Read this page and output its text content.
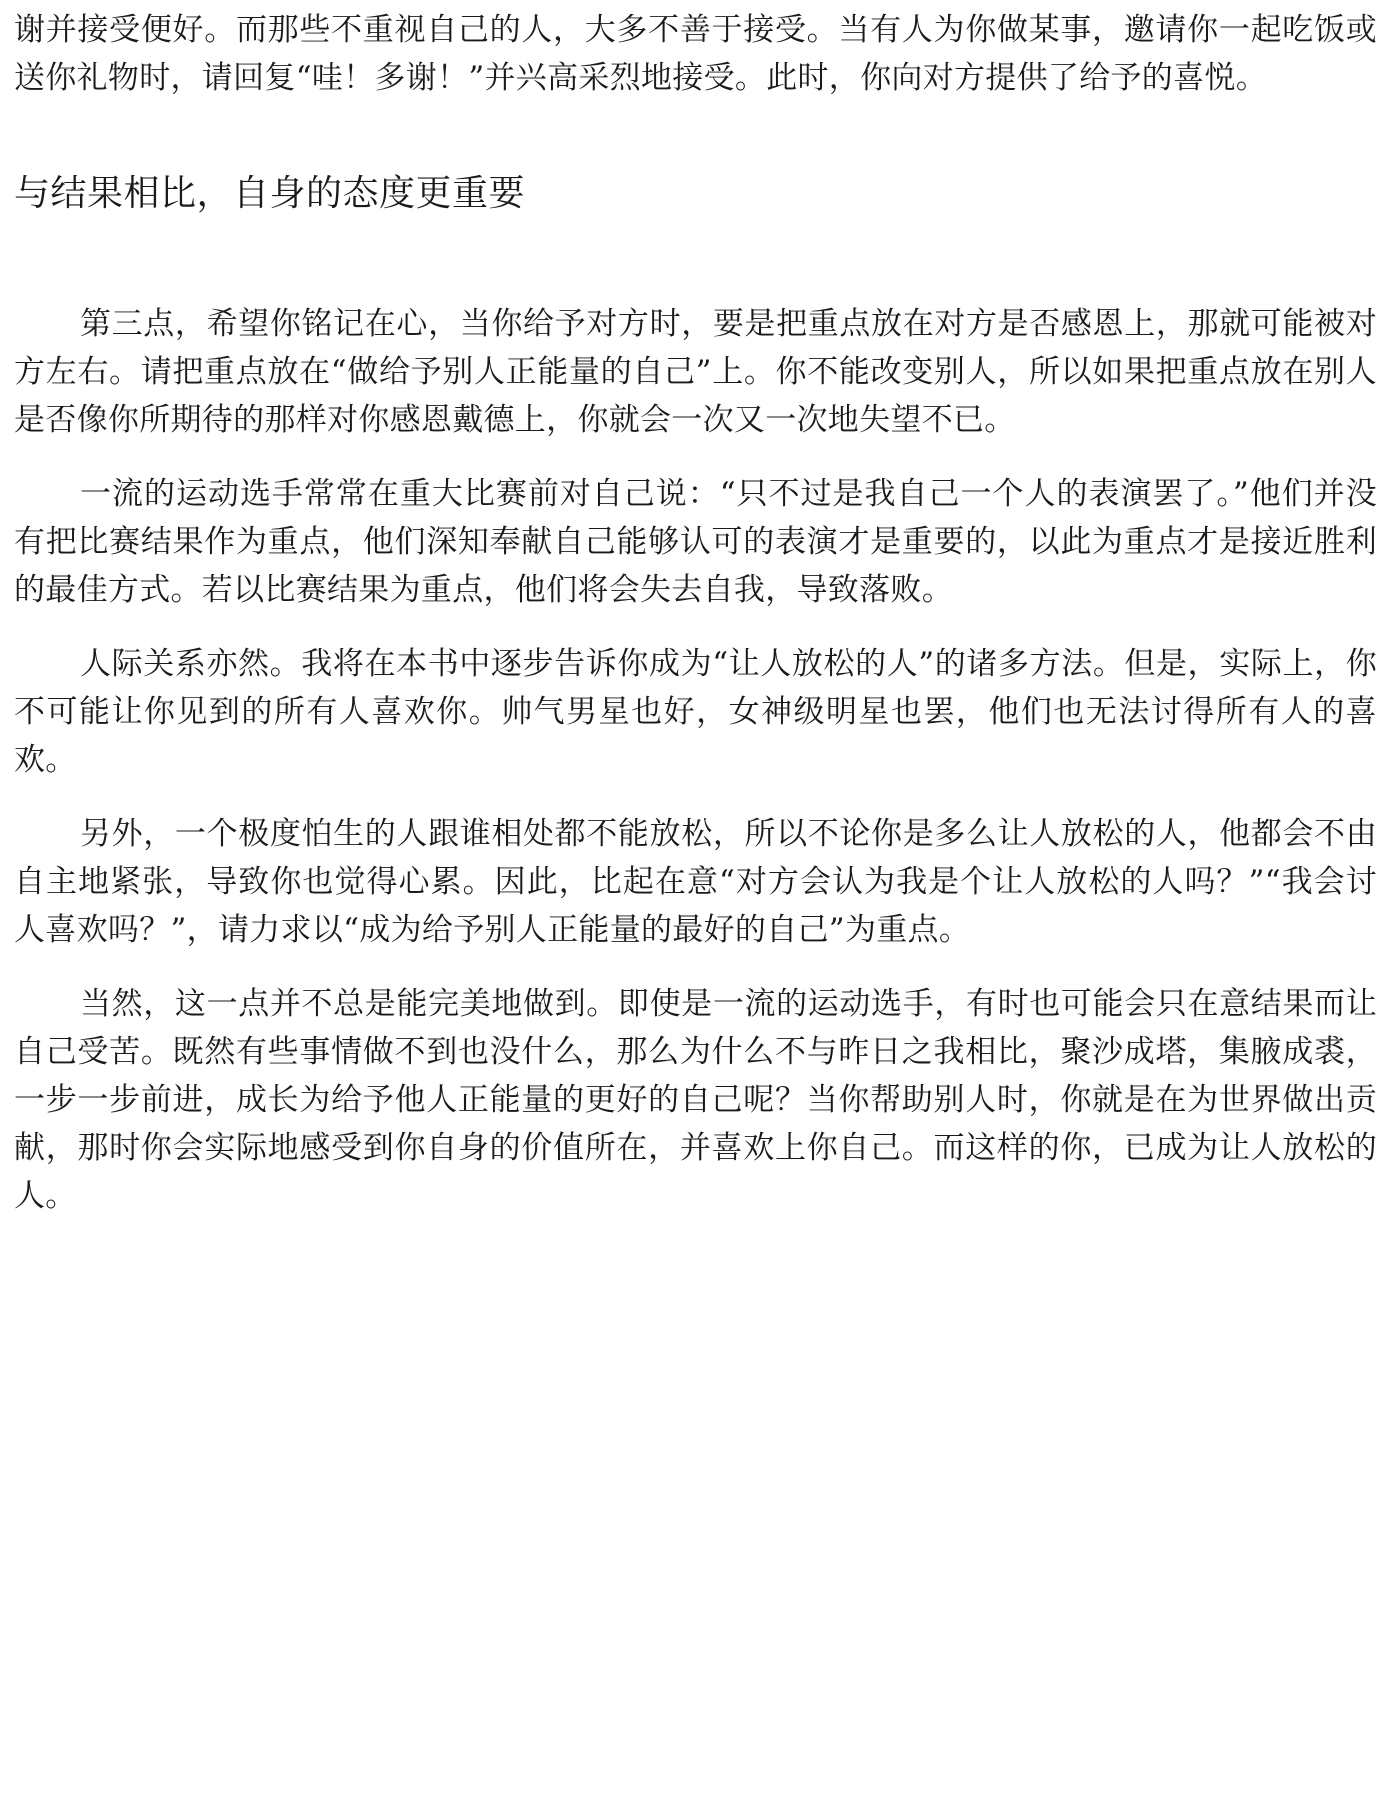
谢并接受便好。而那些不重视自己的人，大多不善于接受。当有人为你做某事，邀请你一起吃饭或送你礼物时，请回复“哇！多谢！”并兴高采烈地接受。此时，你向对方提供了给予的喜悦。

与结果相比，自身的态度更重要

第三点，希望你铭记在心，当你给予对方时，要是把重点放在对方是否感恩上，那就可能被对方左右。请把重点放在“做给予别人正能量的自己”上。你不能改变别人，所以如果把重点放在别人是否像你所期待的那样对你感恩戴德上，你就会一次又一次地失望不已。

一流的运动选手常常在重大比赛前对自己说：“只不过是我自己一个人的表演罢了。”他们并没有把比赛结果作为重点，他们深知奉献自己能够认可的表演才是重要的，以此为重点才是接近胜利的最佳方式。若以比赛结果为重点，他们将会失去自我，导致落败。

人际关系亦然。我将在本书中逐步告诉你成为“让人放松的人”的诸多方法。但是，实际上，你不可能让你见到的所有人喜欢你。帅气男星也好，女神级明星也罢，他们也无法讨得所有人的喜欢。

另外，一个极度怕生的人跟谁相处都不能放松，所以不论你是多么让人放松的人，他都会不由自主地紧张，导致你也觉得心累。因此，比起在意“对方会认为我是个让人放松的人吗？”“我会讨人喜欢吗？”，请力求以“成为给予别人正能量的最好的自己”为重点。

当然，这一点并不总是能完美地做到。即使是一流的运动选手，有时也可能会只在意结果而让自己受苦。既然有些事情做不到也没什么，那么为什么不与昨日之我相比，聚沙成塔，集腋成裘，一步一步前进，成长为给予他人正能量的更好的自己呢？当你帮助别人时，你就是在为世界做出贡献，那时你会实际地感受到你自身的价值所在，并喜欢上你自己。而这样的你，已成为让人放松的人。
